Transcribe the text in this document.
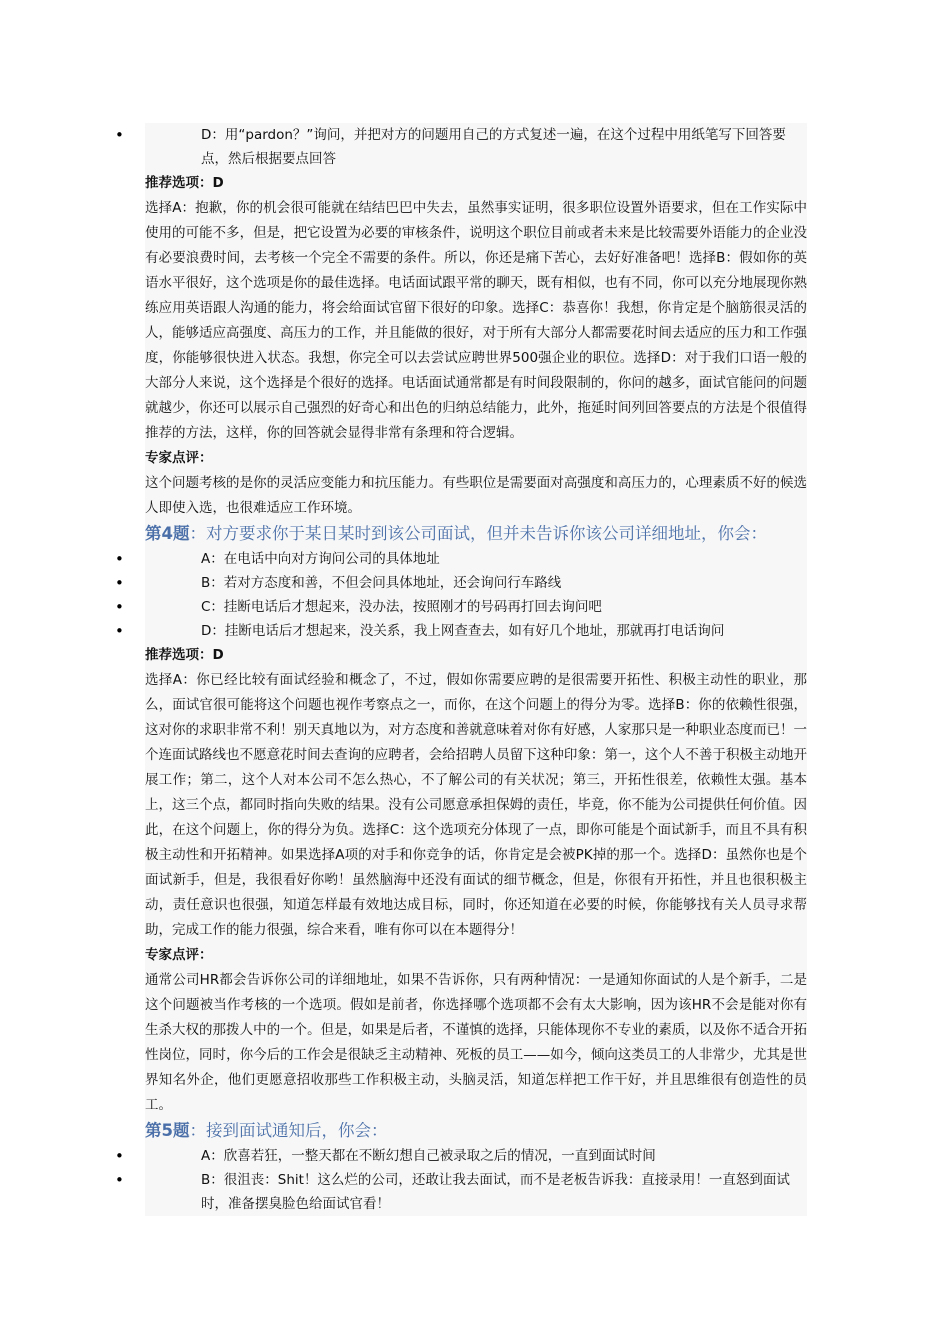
• D：用“pardon？”询问，并把对方的问题用自己的方式复述一遍，在这个过程中用纸笔写下回答要点，然后根据要点回答
推荐选项：D
选择A：抱歉，你的机会很可能就在结结巴巴中失去，虽然事实证明，很多职位设置外语要求，但在工作实际中使用的可能不多，但是，把它设置为必要的审核条件，说明这个职位目前或者未来是比较需要外语能力的企业没有必要浪费时间，去考核一个完全不需要的条件。所以，你还是痛下苦心，去好好准备吧！选择B：假如你的英语水平很好，这个选项是你的最佳选择。电话面试跟平常的聊天，既有相似，也有不同，你可以充分地展现你熟练应用英语跟人沟通的能力，将会给面试官留下很好的印象。选择C：恭喜你！我想，你肯定是个脑筋很灵活的人，能够适应高强度、高压力的工作，并且能做的很好，对于所有大部分人都需要花时间去适应的压力和工作强度，你能够很快进入状态。我想，你完全可以去尝试应聘世界500强企业的职位。选择D：对于我们口语一般的大部分人来说，这个选择是个很好的选择。电话面试通常都是有时间段限制的，你问的越多，面试官能问的问题就越少，你还可以展示自己强烈的好奇心和出色的归纳总结能力，此外，拖延时间列回答要点的方法是个很值得推荐的方法，这样，你的回答就会显得非常有条理和符合逻辑。
专家点评：
这个问题考核的是你的灵活应变能力和抗压能力。有些职位是需要面对高强度和高压力的，心理素质不好的候选人即使入选，也很难适应工作环境。
第4题：对方要求你于某日某时到该公司面试，但并未告诉你该公司详细地址，你会：
• A：在电话中向对方询问公司的具体地址
• B：若对方态度和善，不但会问具体地址，还会询问行车路线
• C：挂断电话后才想起来，没办法，按照刚才的号码再打回去询问吧
• D：挂断电话后才想起来，没关系，我上网查查去，如有好几个地址，那就再打电话询问
推荐选项：D
选择A：你已经比较有面试经验和概念了，不过，假如你需要应聘的是很需要开拓性、积极主动性的职业，那么，面试官很可能将这个问题也视作考察点之一，而你，在这个问题上的得分为零。选择B：你的依赖性很强，这对你的求职非常不利！别天真地以为，对方态度和善就意味着对你有好感，人家那只是一种职业态度而已！一个连面试路线也不愿意花时间去查询的应聘者，会给招聘人员留下这种印象：第一，这个人不善于积极主动地开展工作；第二，这个人对本公司不怎么热心，不了解公司的有关状况；第三，开拓性很差，依赖性太强。基本上，这三个点，都同时指向失败的结果。没有公司愿意承担保姆的责任，毕竟，你不能为公司提供任何价值。因此，在这个问题上，你的得分为负。选择C：这个选项充分体现了一点，即你可能是个面试新手，而且不具有积极主动性和开拓精神。如果选择A项的对手和你竞争的话，你肯定是会被PK掉的那一个。选择D：虽然你也是个面试新手，但是，我很看好你哟！虽然脑海中还没有面试的细节概念，但是，你很有开拓性，并且也很积极主动，责任意识也很强，知道怎样最有效地达成目标，同时，你还知道在必要的时候，你能够找有关人员寻求帮助，完成工作的能力很强，综合来看，唯有你可以在本题得分！
专家点评：
通常公司HR都会告诉你公司的详细地址，如果不告诉你，只有两种情况：一是通知你面试的人是个新手，二是这个问题被当作考核的一个选项。假如是前者，你选择哪个选项都不会有太大影响，因为该HR不会是能对你有生杀大权的那拨人中的一个。但是，如果是后者，不谨慎的选择，只能体现你不专业的素质，以及你不适合开拓性岗位，同时，你今后的工作会是很缺乏主动精神、死板的员工——如今，倾向这类员工的人非常少，尤其是世界知名外企，他们更愿意招收那些工作积极主动，头脑灵活，知道怎样把工作干好，并且思维很有创造性的员工。
第5题：接到面试通知后，你会：
• A：欣喜若狂，一整天都在不断幻想自己被录取之后的情况，一直到面试时间
• B：很沮丧：Shit！这么烂的公司，还敢让我去面试，而不是老板告诉我：直接录用！一直怒到面试时，准备摆臭脸色给面试官看！
